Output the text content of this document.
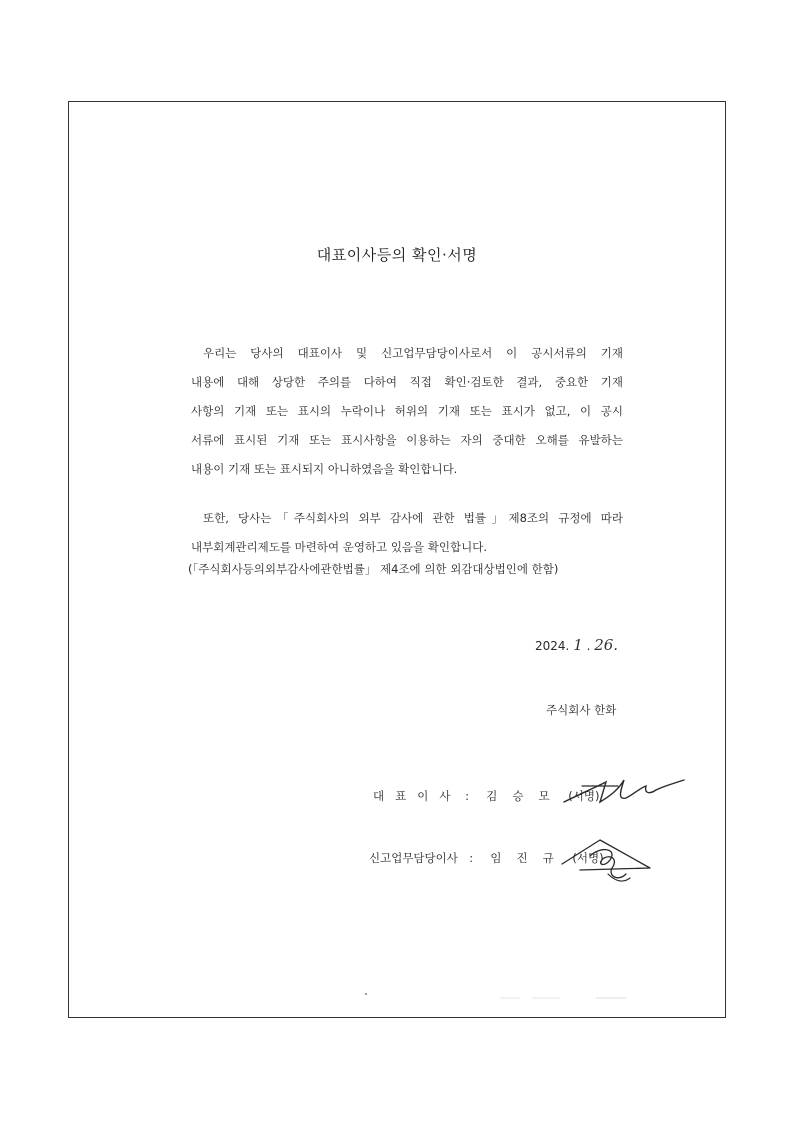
대표이사등의 확인·서명

우리는 당사의 대표이사 및 신고업무담당이사로서 이 공시서류의 기재
내용에 대해 상당한 주의를 다하여 직접 확인·검토한 결과, 중요한 기재
사항의 기재 또는 표시의 누락이나 허위의 기재 또는 표시가 없고, 이 공시
서류에 표시된 기재 또는 표시사항을 이용하는 자의 중대한 오해를 유발하는
내용이 기재 또는 표시되지 아니하였음을 확인합니다.

또한, 당사는「주식회사의 외부 감사에 관한 법률」제8조의 규정에 따라
내부회계관리제도를 마련하여 운영하고 있음을 확인합니다.

(「주식회사등의외부감사에관한법률」 제4조에 의한 외감대상법인에 한함)
2024. 1 . 26.
주식회사 한화
대표이사 : 김승모 (서명)
신고업무담당이사 : 임진규 (서명)
